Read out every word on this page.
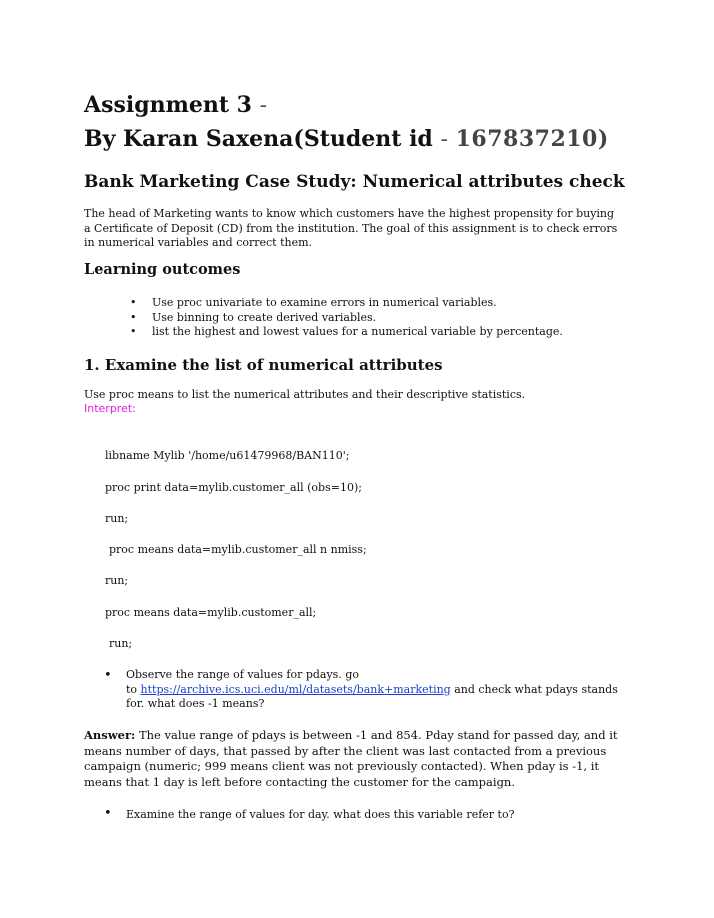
Assignment 3 -
By Karan Saxena(Student id - 167837210)
Bank Marketing Case Study: Numerical attributes check
The head of Marketing wants to know which customers have the highest propensity for buying a Certificate of Deposit (CD) from the institution. The goal of this assignment is to check errors in numerical variables and correct them.
Learning outcomes
• Use proc univariate to examine errors in numerical variables.
• Use binning to create derived variables.
• list the highest and lowest values for a numerical variable by percentage.
1. Examine the list of numerical attributes
Use proc means to list the numerical attributes and their descriptive statistics.
Interpret:
libname Mylib '/home/u61479968/BAN110';
proc print data=mylib.customer_all (obs=10);
run;
proc means data=mylib.customer_all n nmiss;
run;
proc means data=mylib.customer_all;
run;
• Observe the range of values for pdays. go
to https://archive.ics.uci.edu/ml/datasets/bank+marketing and check what pdays stands
for. what does -1 means?
Answer: The value range of pdays is between -1 and 854. Pday stand for passed day, and it means number of days, that passed by after the client was last contacted from a previous campaign (numeric; 999 means client was not previously contacted). When pday is -1, it means that 1 day is left before contacting the customer for the campaign.
• Examine the range of values for day. what does this variable refer to?
